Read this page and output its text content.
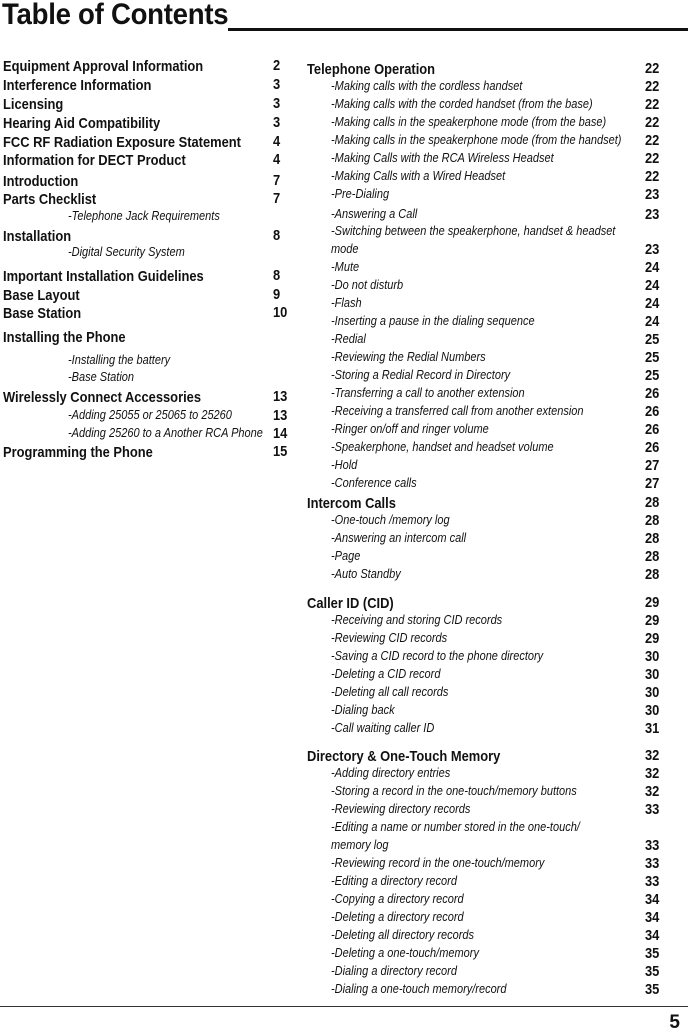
Table of Contents
Equipment Approval Information	2
Interference Information	3
Licensing	3
Hearing Aid Compatibility	3
FCC RF Radiation Exposure Statement 4
Information for DECT Product	4
Introduction	7
Parts Checklist	7
-Telephone Jack Requirements
Installation	8
-Digital Security System
Important Installation Guidelines	8
Base Layout	9
Base Station	10
Installing the Phone
-Installing the battery
-Base Station
Wirelessly Connect Accessories	13
-Adding 25055 or 25065 to 25260	13
-Adding 25260 to a Another RCA Phone 14
Programming the Phone	15
Telephone Operation	22
-Making calls with the cordless handset	22
-Making calls with the corded handset (from the base)	22
-Making calls in the speakerphone mode (from the base)	22
-Making calls in the speakerphone mode (from the handset) 22
-Making Calls with the RCA Wireless Headset	22
-Making Calls with a Wired Headset	22
-Pre-Dialing	23
-Answering a Call	23
-Switching between the speakerphone, handset & headset
mode	23
-Mute	24
-Do not disturb	24
-Flash	24
-Inserting a pause in the dialing sequence	24
-Redial	25
-Reviewing the Redial Numbers	25
-Storing a Redial Record in Directory	25
-Transferring a call to another extension	26
-Receiving a transferred call from another extension	26
-Ringer on/off and ringer volume	26
-Speakerphone, handset and headset volume	26
-Hold	27
-Conference calls	27
Intercom Calls	28
-One-touch /memory log	28
-Answering an intercom call	28
-Page	28
-Auto Standby	28
Caller ID (CID)	29
-Receiving and storing CID records	29
-Reviewing CID records	29
-Saving a CID record to the phone directory	30
-Deleting a CID record	30
-Deleting all call records	30
-Dialing back	30
-Call waiting caller ID	31
Directory & One-Touch Memory	32
-Adding directory entries	32
-Storing a record in the one-touch/memory buttons	32
-Reviewing directory records	33
-Editing a name or number stored in the one-touch/
memory log	33
-Reviewing record in the one-touch/memory	33
-Editing a directory record	33
-Copying a directory record	34
-Deleting a directory record	34
-Deleting all directory records	34
-Deleting a one-touch/memory	35
-Dialing a directory record	35
-Dialing a one-touch memory/record	35
5
